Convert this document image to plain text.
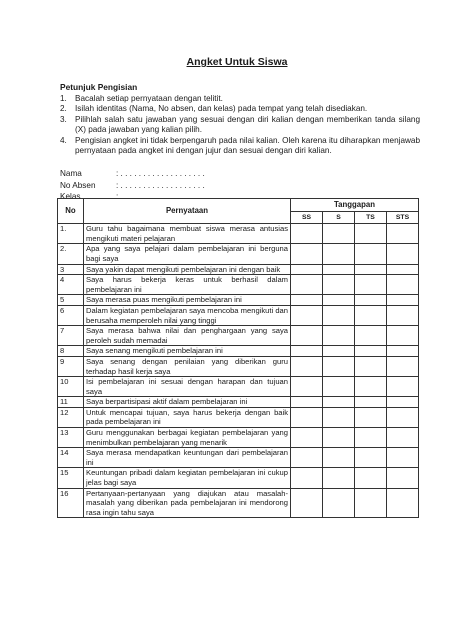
Angket Untuk Siswa
Petunjuk Pengisian
1. Bacalah setiap pernyataan dengan telitit.
2. Isilah identitas (Nama, No absen, dan kelas) pada tempat yang telah disediakan.
3. Pilihlah salah satu jawaban yang sesuai dengan diri kalian dengan memberikan tanda silang (X) pada jawaban yang kalian pilih.
4. Pengisian angket ini tidak berpengaruh pada nilai kalian. Oleh karena itu diharapkan menjawab pernyataan pada angket ini dengan jujur dan sesuai dengan diri kalian.
Nama	: . . . . . . . . . . . . . . . . . . .
No Absen	: . . . . . . . . . . . . . . . . . . .
Kelas	: . . . . . . . . . . . . . . . . . . .
No	Pernyataan	Tanggapan			
		SS	S	TS	STS
1.	Guru tahu bagaimana membuat siswa merasa antusias mengikuti materi pelajaran				
2.	Apa yang saya pelajari dalam pembelajaran ini berguna bagi saya				
3	Saya yakin dapat mengikuti pembelajaran ini dengan baik				
4	Saya harus bekerja keras untuk berhasil dalam pembelajaran ini				
5	Saya merasa puas mengikuti pembelajaran ini				
6	Dalam kegiatan pembelajaran saya mencoba mengikuti dan berusaha memperoleh nilai yang tinggi				
7	Saya merasa bahwa nilai dan penghargaan yang saya peroleh sudah memadai				
8	Saya senang mengikuti pembelajaran ini				
9	Saya senang dengan penilaian yang diberikan guru terhadap hasil kerja saya				
10	Isi pembelajaran ini sesuai dengan harapan dan tujuan saya				
11	Saya berpartisipasi aktif dalam pembelajaran ini				
12	Untuk mencapai tujuan, saya harus bekerja dengan baik pada pembelajaran ini				
13	Guru menggunakan berbagai kegiatan pembelajaran yang menimbulkan pembelajaran yang menarik				
14	Saya merasa mendapatkan keuntungan dari pembelajaran ini				
15	Keuntungan pribadi dalam kegiatan pembelajaran ini cukup jelas bagi saya				
16	Pertanyaan-pertanyaan yang diajukan atau masalah-masalah yang diberikan pada pembelajaran ini mendorong rasa ingin tahu saya				
